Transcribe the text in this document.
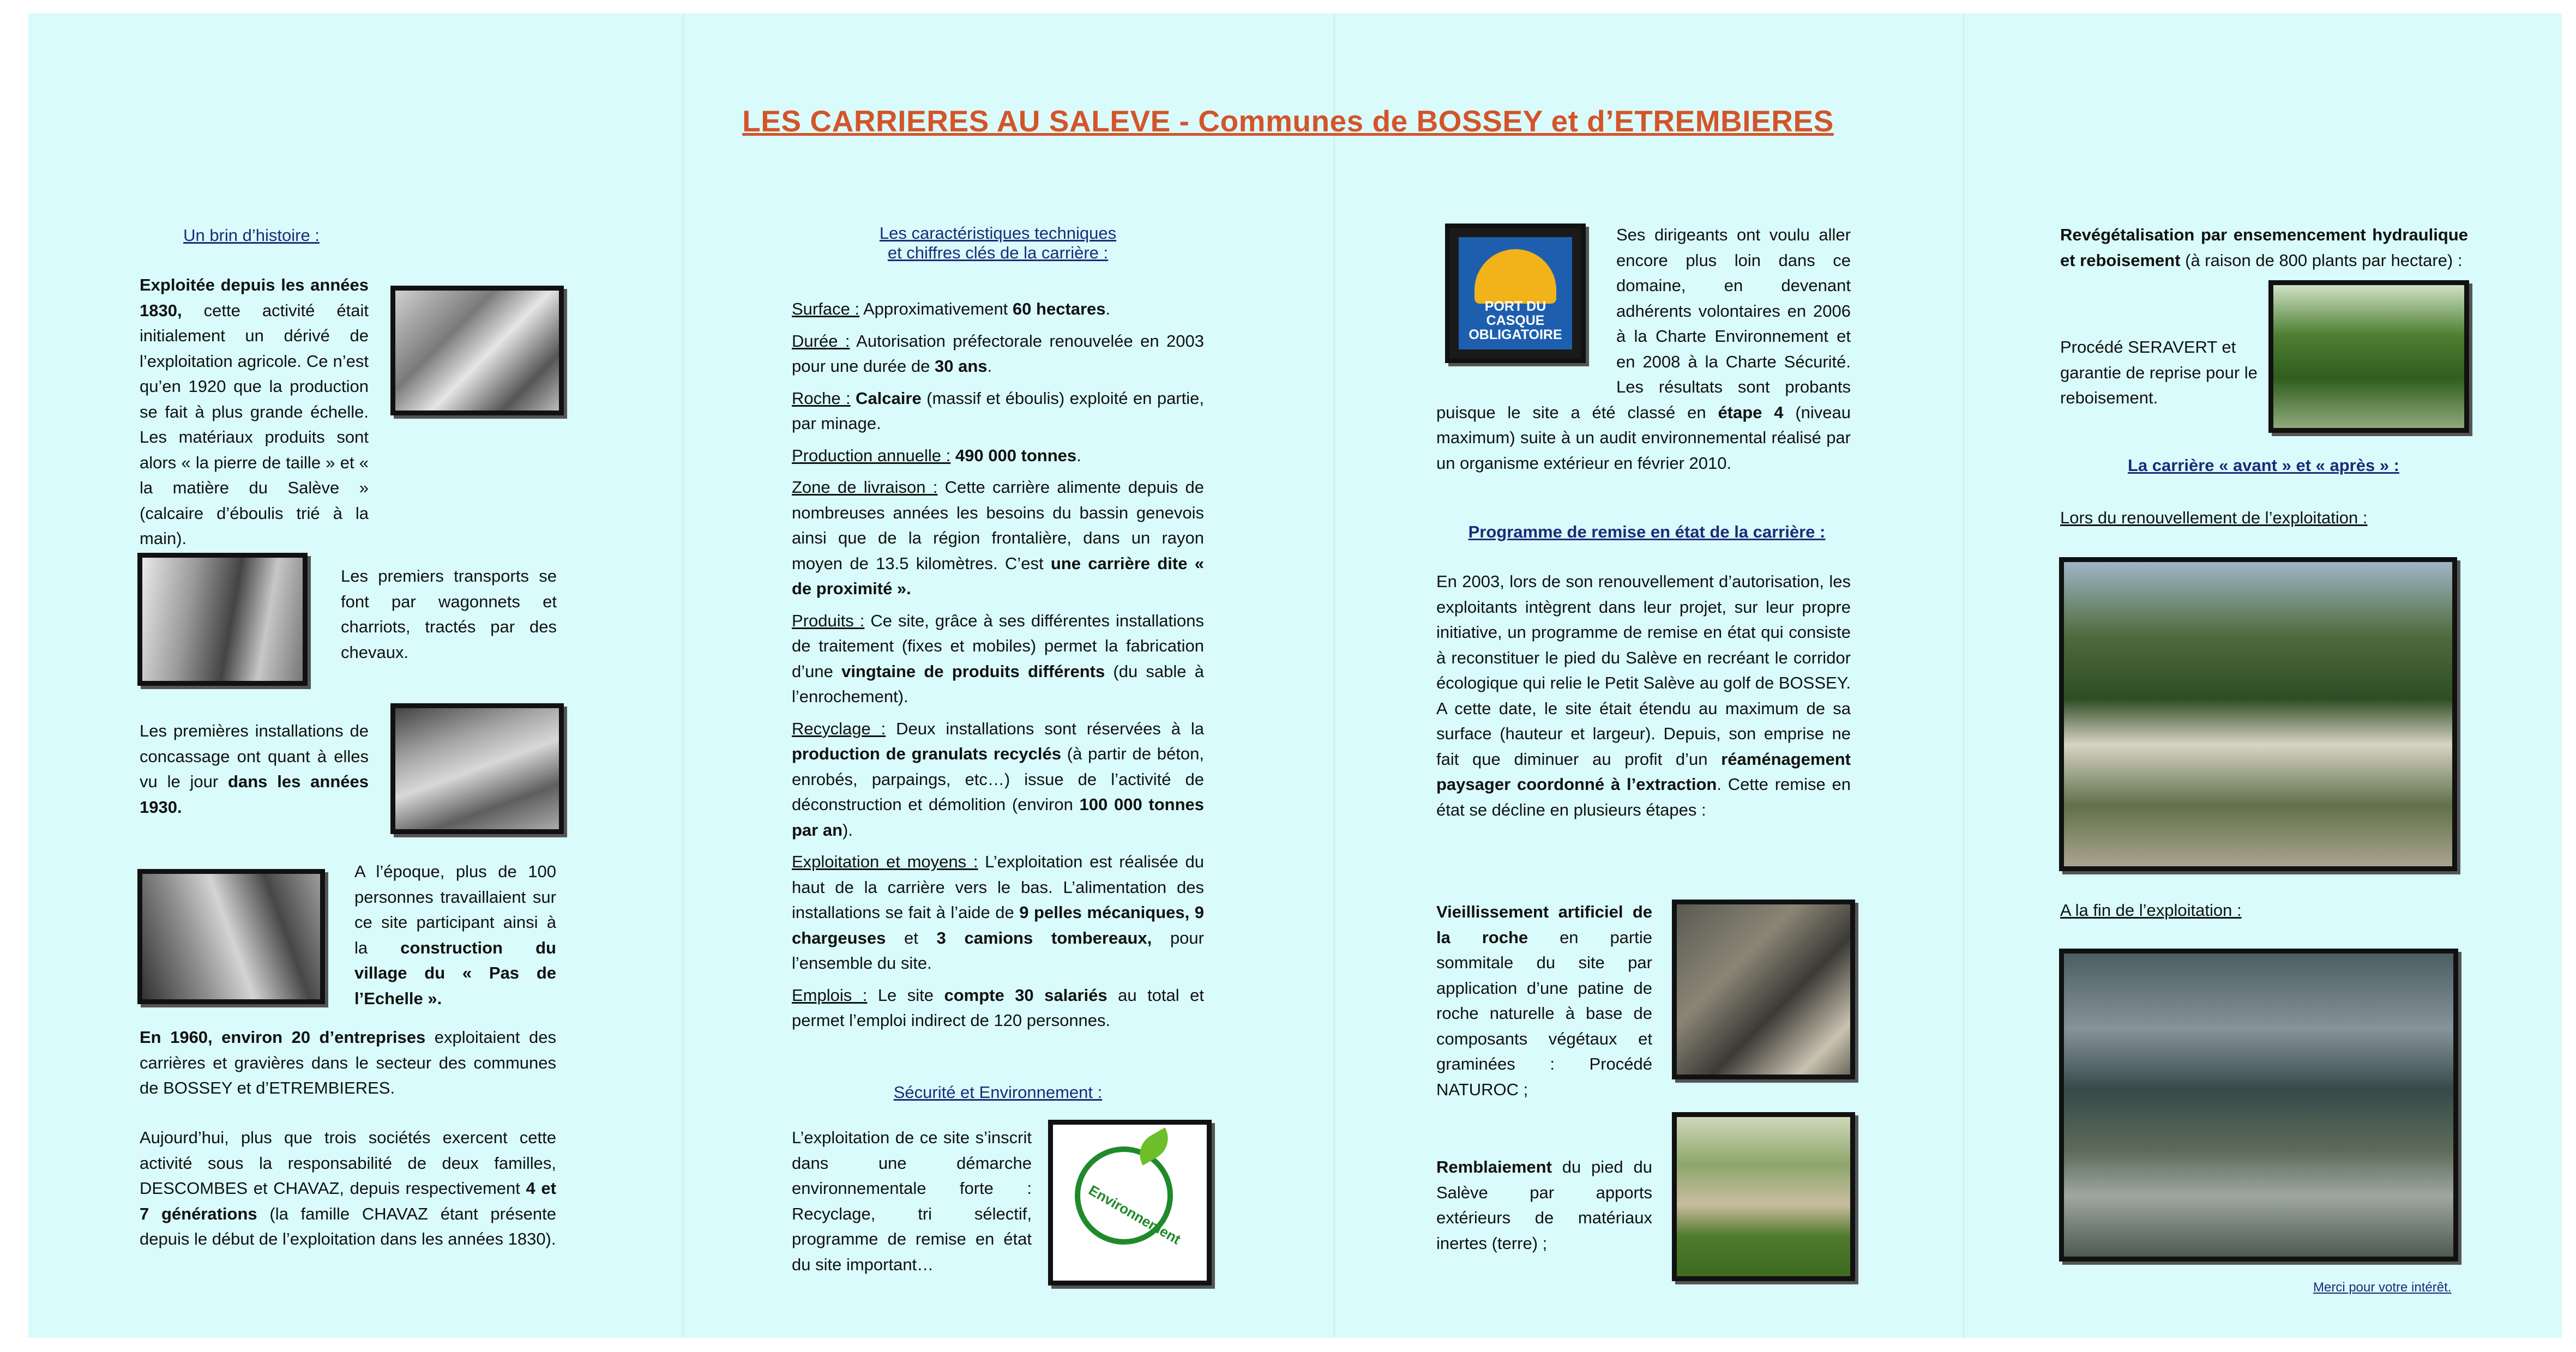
LES CARRIERES AU SALEVE - Communes de BOSSEY et d’ETREMBIERES
Un brin d’histoire :
Exploitée depuis les années 1830, cette activité était initialement un dérivé de l’exploitation agricole. Ce n’est qu’en 1920 que la production se fait à plus grande échelle. Les matériaux produits sont alors « la pierre de taille » et « la matière du Salève » (calcaire d’éboulis trié à la main).
Les premiers transports se font par wagonnets et charriots, tractés par des chevaux.
Les premières installations de concassage ont quant à elles vu le jour dans les années 1930.
A l’époque, plus de 100 personnes travaillaient sur ce site participant ainsi à la construction du village du « Pas de l’Echelle ».
En 1960, environ 20 d’entreprises exploitaient des carrières et gravières dans le secteur des communes de BOSSEY et d’ETREMBIERES.
Aujourd’hui, plus que trois sociétés exercent cette activité sous la responsabilité de deux familles, DESCOMBES et CHAVAZ, depuis respectivement 4 et 7 générations (la famille CHAVAZ étant présente depuis le début de l’exploitation dans les années 1830).
Les caractéristiques techniques
et chiffres clés de la carrière :
Surface : Approximativement 60 hectares.
Durée : Autorisation préfectorale renouvelée en 2003 pour une durée de 30 ans.
Roche : Calcaire (massif et éboulis) exploité en partie, par minage.
Production annuelle : 490 000 tonnes.
Zone de livraison : Cette carrière alimente depuis de nombreuses années les besoins du bassin genevois ainsi que de la région frontalière, dans un rayon moyen de 13.5 kilomètres. C’est une carrière dite « de proximité ».
Produits : Ce site, grâce à ses différentes installations de traitement (fixes et mobiles) permet la fabrication d’une vingtaine de produits différents (du sable à l’enrochement).
Recyclage : Deux installations sont réservées à la production de granulats recyclés (à partir de béton, enrobés, parpaings, etc…) issue de l’activité de déconstruction et démolition (environ 100 000 tonnes par an).
Exploitation et moyens : L’exploitation est réalisée du haut de la carrière vers le bas. L’alimentation des installations se fait à l’aide de 9 pelles mécaniques, 9 chargeuses et 3 camions tombereaux, pour l’ensemble du site.
Emplois : Le site compte 30 salariés au total et permet l’emploi indirect de 120 personnes.
Sécurité et Environnement :
L’exploitation de ce site s’inscrit dans une démarche environnementale forte : Recyclage, tri sélectif, programme de remise en état du site important…
Environnement
PORT DU CASQUE OBLIGATOIRE
Ses dirigeants ont voulu aller encore plus loin dans ce domaine, en devenant adhérents volontaires en 2006 à la Charte Environnement et en 2008 à la Charte Sécurité. Les résultats sont probants puisque le site a été classé en étape 4 (niveau maximum) suite à un audit environnemental réalisé par un organisme extérieur en février 2010.
Programme de remise en état de la carrière :
En 2003, lors de son renouvellement d’autorisation, les exploitants intègrent dans leur projet, sur leur propre initiative, un programme de remise en état qui consiste à reconstituer le pied du Salève en recréant le corridor écologique qui relie le Petit Salève au golf de BOSSEY. A cette date, le site était étendu au maximum de sa surface (hauteur et largeur). Depuis, son emprise ne fait que diminuer au profit d’un réaménagement paysager coordonné à l’extraction. Cette remise en état se décline en plusieurs étapes :
Vieillissement artificiel de la roche en partie sommitale du site par application d’une patine de roche naturelle à base de composants végétaux et graminées : Procédé NATUROC ;
Remblaiement du pied du Salève par apports extérieurs de matériaux inertes (terre) ;
Revégétalisation par ensemencement hydraulique et reboisement (à raison de 800 plants par hectare) :
Procédé SERAVERT et garantie de reprise pour le reboisement.
La carrière « avant » et « après » :
Lors du renouvellement de l’exploitation :
A la fin de l’exploitation :
Merci pour votre intérêt.
